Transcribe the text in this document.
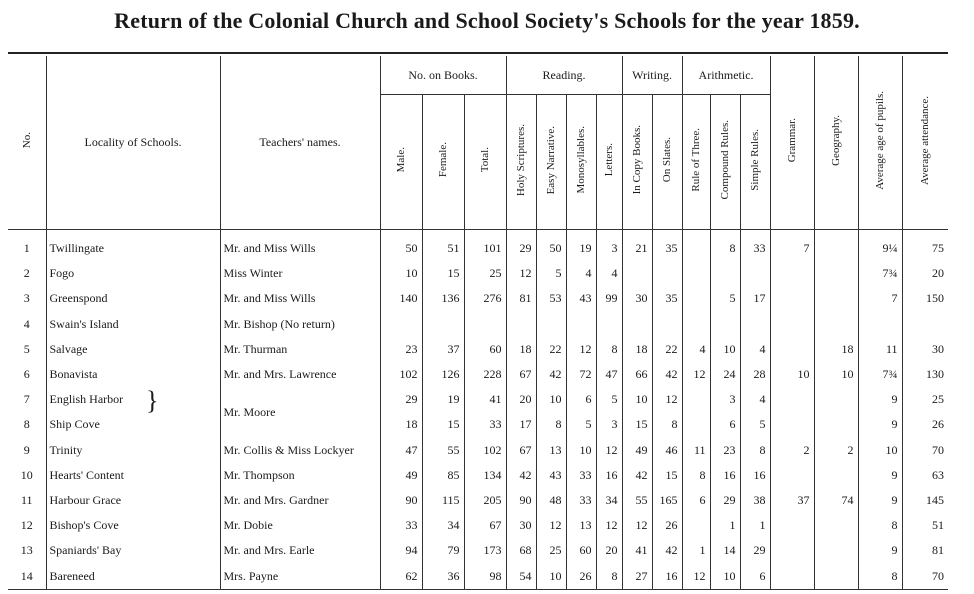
Return of the Colonial Church and School Society's Schools for the year 1859.
No.	Locality of Schools.	Teachers' names.	No. on Books.			Reading.				Writing.		Arithmetic.			Grammar.	Geography.	Average age of pupils.	Average attendance.
			Male.	Female.	Total.	Holy Scriptures.	Easy Narrative.	Monosyllables.	Letters.	In Copy Books.	On Slates.	Rule of Three.	Compound Rules.	Simple Rules.				
1	Twillingate	Mr. and Miss Wills	50	51	101	29	50	19	3	21	35		8	33	7		9¼	75
2	Fogo	Miss Winter	10	15	25	12	5	4	4								7¾	20
3	Greenspond	Mr. and Miss Wills	140	136	276	81	53	43	99	30	35		5	17			7	150
4	Swain's Island	Mr. Bishop (No return)																
5	Salvage	Mr. Thurman	23	37	60	18	22	12	8	18	22	4	10	4		18	11	30
6	Bonavista	Mr. and Mrs. Lawrence	102	126	228	67	42	72	47	66	42	12	24	28	10	10	7¾	130
7	English Harbor	Mr. Moore	29	19	41	20	10	6	5	10	12		3	4			9	25
8	Ship Cove		18	15	33	17	8	5	3	15	8		6	5			9	26
9	Trinity	Mr. Collis & Miss Lockyer	47	55	102	67	13	10	12	49	46	11	23	8	2	2	10	70
10	Hearts' Content	Mr. Thompson	49	85	134	42	43	33	16	42	15	8	16	16			9	63
11	Harbour Grace	Mr. and Mrs. Gardner	90	115	205	90	48	33	34	55	165	6	29	38	37	74	9	145
12	Bishop's Cove	Mr. Dobie	33	34	67	30	12	13	12	12	26		1	1			8	51
13	Spaniards' Bay	Mr. and Mrs. Earle	94	79	173	68	25	60	20	41	42	1	14	29			9	81
14	Bareneed	Mrs. Payne	62	36	98	54	10	26	8	27	16	12	10	6			8	70
}
